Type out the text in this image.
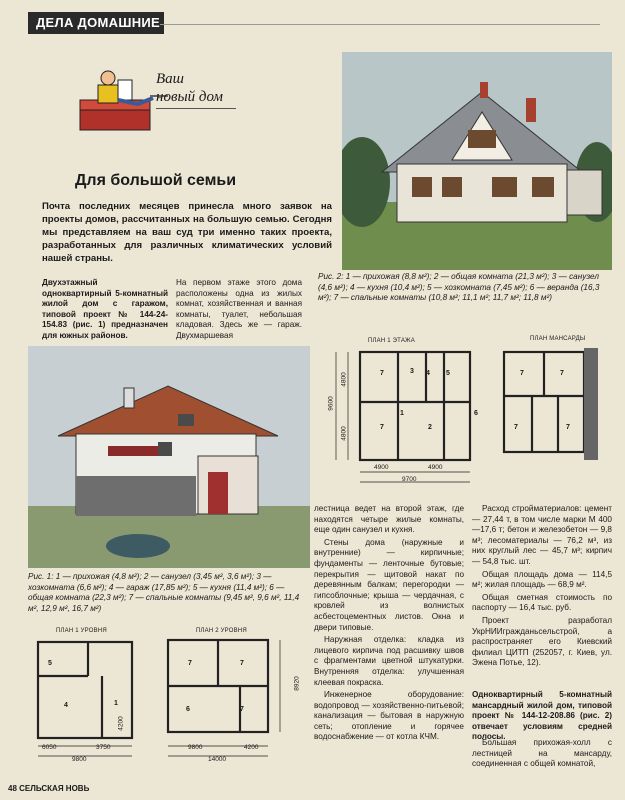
ДЕЛА ДОМАШНИЕ
Ваш
новый дом
Для большой семьи
Почта последних месяцев принесла много заявок на проекты домов, рассчитанных на большую семью. Сегодня мы представляем на ваш суд три именно таких проекта, разработанных для различных климатических условий нашей страны.
Двухэтажный одноквартирный 5-комнатный жилой дом с гаражом, типовой проект № 144-24-154.83 (рис. 1) предназначен для южных районов.
На первом этаже этого дома расположены одна из жилых комнат, хозяйственная и ванная комнаты, туалет, небольшая кладовая. Здесь же — гараж. Двухмаршевая
Рис. 2: 1 — прихожая (8,8 м²); 2 — общая комната (21,3 м²); 3 — санузел (4,6 м²); 4 — кухня (10,4 м²); 5 — хозкомната (7,45 м²); 6 — веранда (16,3 м²); 7 — спальные комнаты (10,8 м²; 11,1 м²; 11,7 м²; 11,8 м²)
ПЛАН 1 ЭТАЖА	ПЛАН МАНСАРДЫ
7	3 4 5
7
1
2
6
7	7
7	7
9600
4800
4800
4900	4900
9700
Рис. 1: 1 — прихожая (4,8 м²); 2 — санузел (3,45 м², 3,6 м²); 3 — хозкомната (6,6 м²); 4 — гараж (17,85 м²); 5 — кухня (11,4 м²); 6 — общая комната (22,3 м²); 7 — спальные комнаты (9,45 м², 9,6 м², 11,4 м², 12,9 м², 16,7 м²)
ПЛАН 1 УРОВНЯ	ПЛАН 2 УРОВНЯ
5
4	1
7	7
6	7
6050	3750
9800
9800	4200
14000
8920
4200

лестница ведет на второй этаж, где находятся четыре жилые комнаты, еще один санузел и кухня.

Стены дома (наружные и внутренние) — кирпичные; фундаменты — ленточные бутовые; перекрытия — щитовой накат по деревянным балкам; перегородки — гипсоблочные; крыша — чердачная, с кровлей из волнистых асбестоцементных листов. Окна и двери типовые.

Наружная отделка: кладка из лицевого кирпича под расшивку швов с фрагментами цветной штукатурки. Внутренняя отделка: улучшенная клеевая покраска.

Инженерное оборудование: водопровод — хозяйственно-питьевой; канализация — бытовая в наружную сеть; отопление и горячее водоснабжение — от котла КЧМ.

Расход стройматериалов: цемент — 27,44 т, в том числе марки М 400—17,6 т; бетон и железобетон — 9,8 м³; лесоматериалы — 76,2 м³, из них круглый лес — 45,7 м³; кирпич — 54,8 тыс. шт.

Общая площадь дома — 114,5 м²; жилая площадь — 68,9 м².

Общая сметная стоимость по паспорту — 16,4 тыс. руб.

Проект разработал УкрНИИгражданьсельстрой, а распространяет его Киевский филиал ЦИТП (252057, г. Киев, ул. Эжена Потье, 12).

Одноквартирный 5-комнатный мансардный жилой дом, типовой проект № 144-12-208.86 (рис. 2) отвечает условиям средней полосы.
Большая прихожая-холл с лестницей на мансарду, соединенная с общей комнатой,
48 СЕЛЬСКАЯ НОВЬ
